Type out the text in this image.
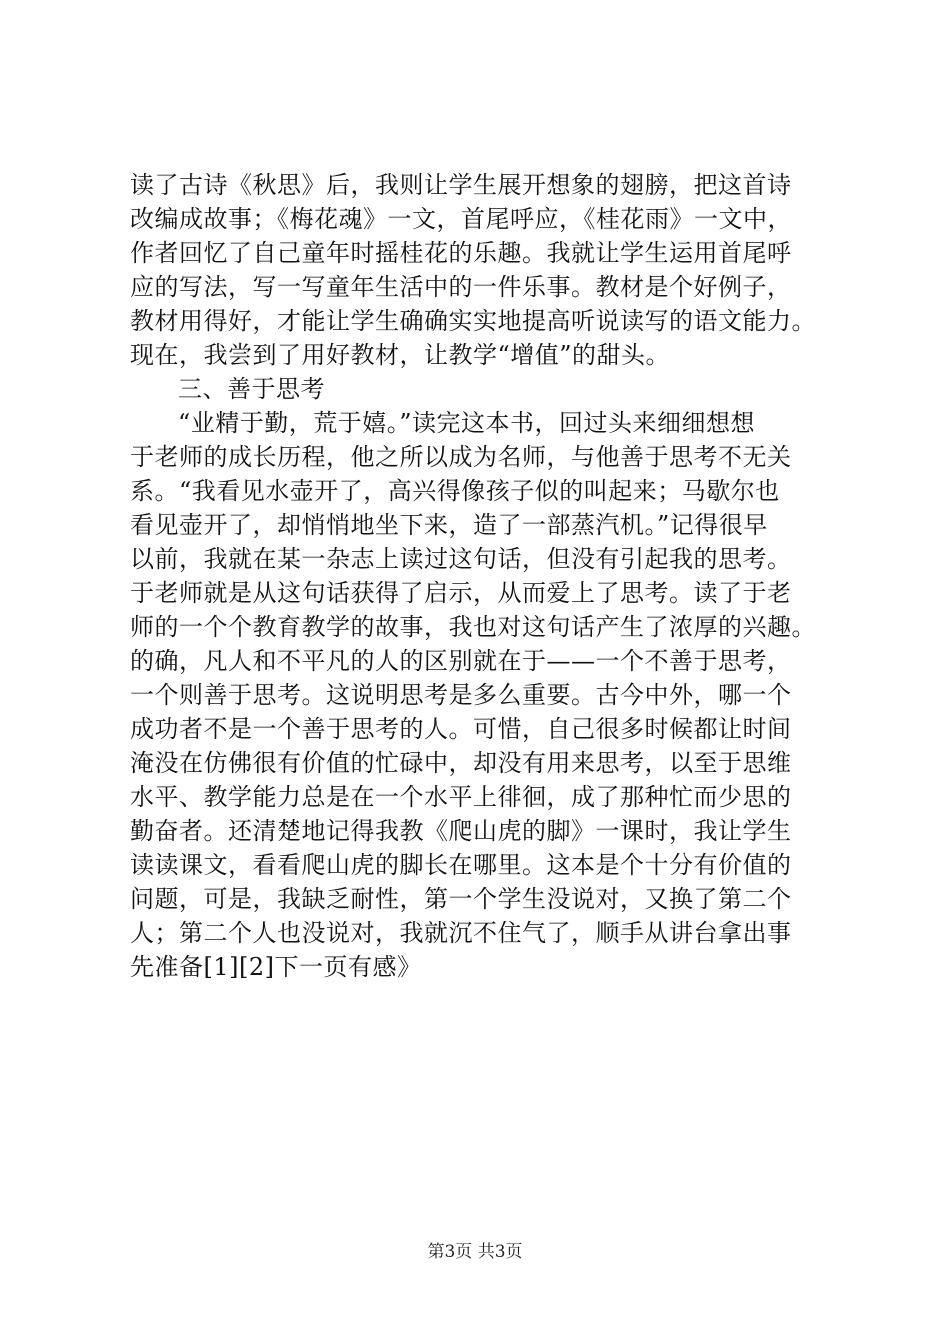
读了古诗《秋思》后，我则让学生展开想象的翅膀，把这首诗
改编成故事；《梅花魂》一文，首尾呼应，《桂花雨》一文中，
作者回忆了自己童年时摇桂花的乐趣。我就让学生运用首尾呼
应的写法，写一写童年生活中的一件乐事。教材是个好例子，
教材用得好，才能让学生确确实实地提高听说读写的语文能力。
现在，我尝到了用好教材，让教学“增值”的甜头。
三、善于思考
“业精于勤，荒于嬉。”读完这本书，回过头来细细想想
于老师的成长历程，他之所以成为名师，与他善于思考不无关
系。“我看见水壶开了，高兴得像孩子似的叫起来；马歇尔也
看见壶开了，却悄悄地坐下来，造了一部蒸汽机。”记得很早
以前，我就在某一杂志上读过这句话，但没有引起我的思考。
于老师就是从这句话获得了启示，从而爱上了思考。读了于老
师的一个个教育教学的故事，我也对这句话产生了浓厚的兴趣。
的确，凡人和不平凡的人的区别就在于——一个不善于思考，
一个则善于思考。这说明思考是多么重要。古今中外，哪一个
成功者不是一个善于思考的人。可惜，自己很多时候都让时间
淹没在仿佛很有价值的忙碌中，却没有用来思考，以至于思维
水平、教学能力总是在一个水平上徘徊，成了那种忙而少思的
勤奋者。还清楚地记得我教《爬山虎的脚》一课时，我让学生
读读课文，看看爬山虎的脚长在哪里。这本是个十分有价值的
问题，可是，我缺乏耐性，第一个学生没说对，又换了第二个
人；第二个人也没说对，我就沉不住气了，顺手从讲台拿出事
先准备[1][2]下一页有感》
第3页 共3页
